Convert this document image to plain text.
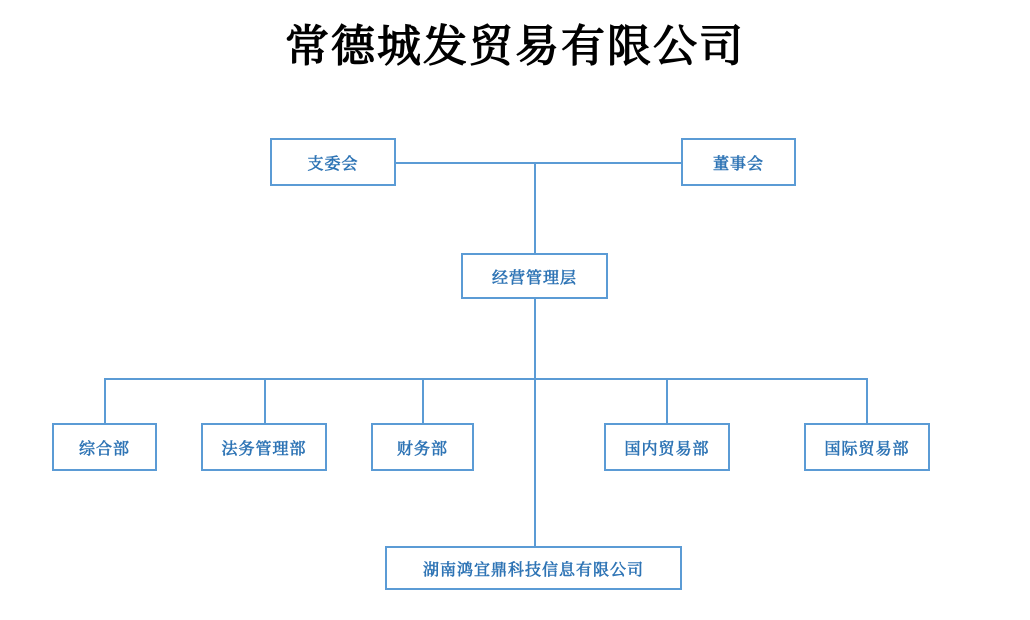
常德城发贸易有限公司
支委会	董事会
经营管理层
综合部	法务管理部	财务部	国内贸易部	国际贸易部
湖南鸿宜鼎科技信息有限公司
